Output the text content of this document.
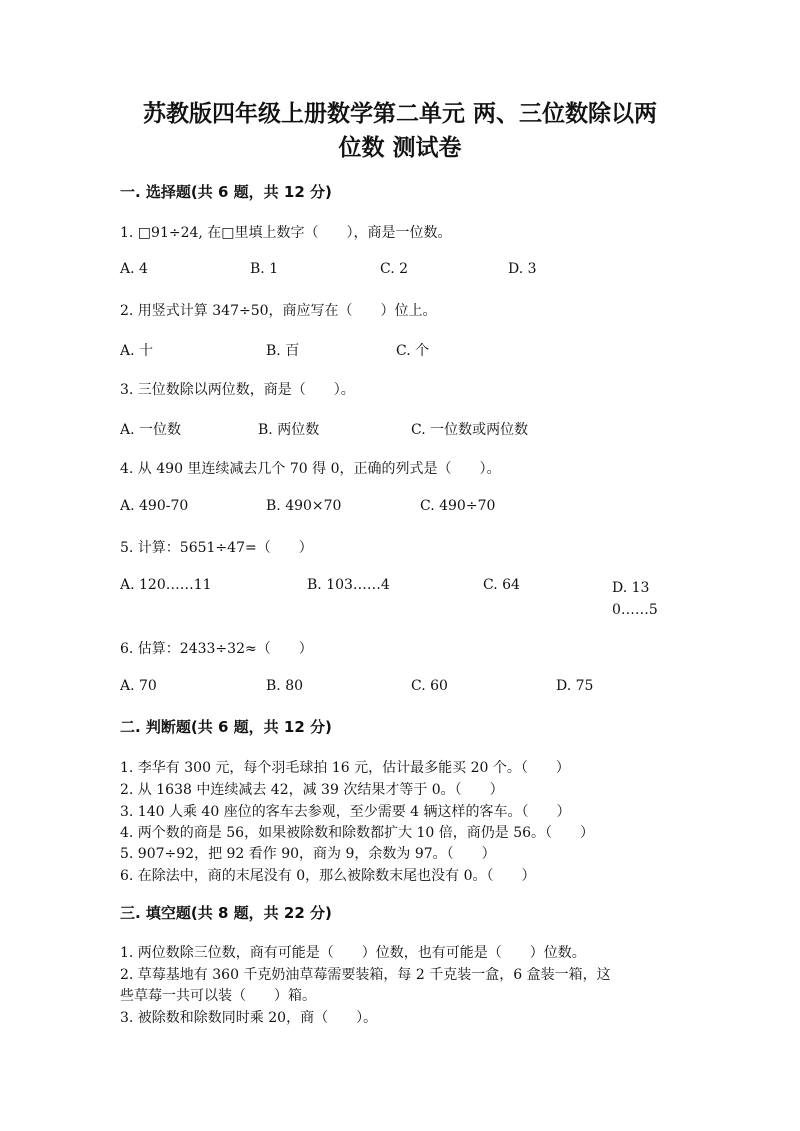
苏教版四年级上册数学第二单元 两、三位数除以两
位数 测试卷
一. 选择题(共 6 题，共 12 分)
1. □91÷24, 在□里填上数字（　　），商是一位数。
A. 4	B. 1	C. 2	D. 3
2. 用竖式计算 347÷50，商应写在（　　）位上。
A. 十	B. 百	C. 个
3. 三位数除以两位数，商是（　　）。
A. 一位数	B. 两位数	C. 一位数或两位数
4. 从 490 里连续减去几个 70 得 0，正确的列式是（　　）。
A. 490-70	B. 490×70	C. 490÷70
5. 计算：5651÷47=（　　）
A. 120……11	B. 103……4	C. 64	D. 130……5
6. 估算：2433÷32≈（　　）
A. 70	B. 80	C. 60	D. 75
二. 判断题(共 6 题，共 12 分)
1. 李华有 300 元，每个羽毛球拍 16 元，估计最多能买 20 个。（　　）
2. 从 1638 中连续减去 42，减 39 次结果才等于 0。（　　）
3. 140 人乘 40 座位的客车去参观，至少需要 4 辆这样的客车。（　　）
4. 两个数的商是 56，如果被除数和除数都扩大 10 倍，商仍是 56。（　　）
5. 907÷92，把 92 看作 90，商为 9，余数为 97。（　　）
6. 在除法中，商的末尾没有 0，那么被除数末尾也没有 0。（　　）
三. 填空题(共 8 题，共 22 分)
1. 两位数除三位数，商有可能是（　　）位数，也有可能是（　　）位数。
2. 草莓基地有 360 千克奶油草莓需要装箱，每 2 千克装一盒，6 盒装一箱，这
些草莓一共可以装（　　）箱。
3. 被除数和除数同时乘 20，商（　　）。
